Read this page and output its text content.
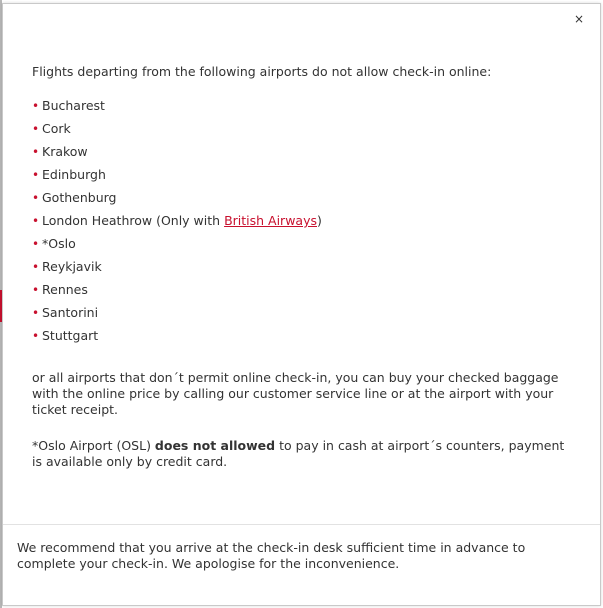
×

Flights departing from the following airports do not allow check-in online:

• Bucharest
• Cork
• Krakow
• Edinburgh
• Gothenburg
• London Heathrow (Only with British Airways)
• *Oslo
• Reykjavik
• Rennes
• Santorini
• Stuttgart

or all airports that don´t permit online check-in, you can buy your checked baggage with the online price by calling our customer service line or at the airport with your ticket receipt.

*Oslo Airport (OSL) does not allowed to pay in cash at airport´s counters, payment is available only by credit card.

We recommend that you arrive at the check-in desk sufficient time in advance to complete your check-in. We apologise for the inconvenience.
